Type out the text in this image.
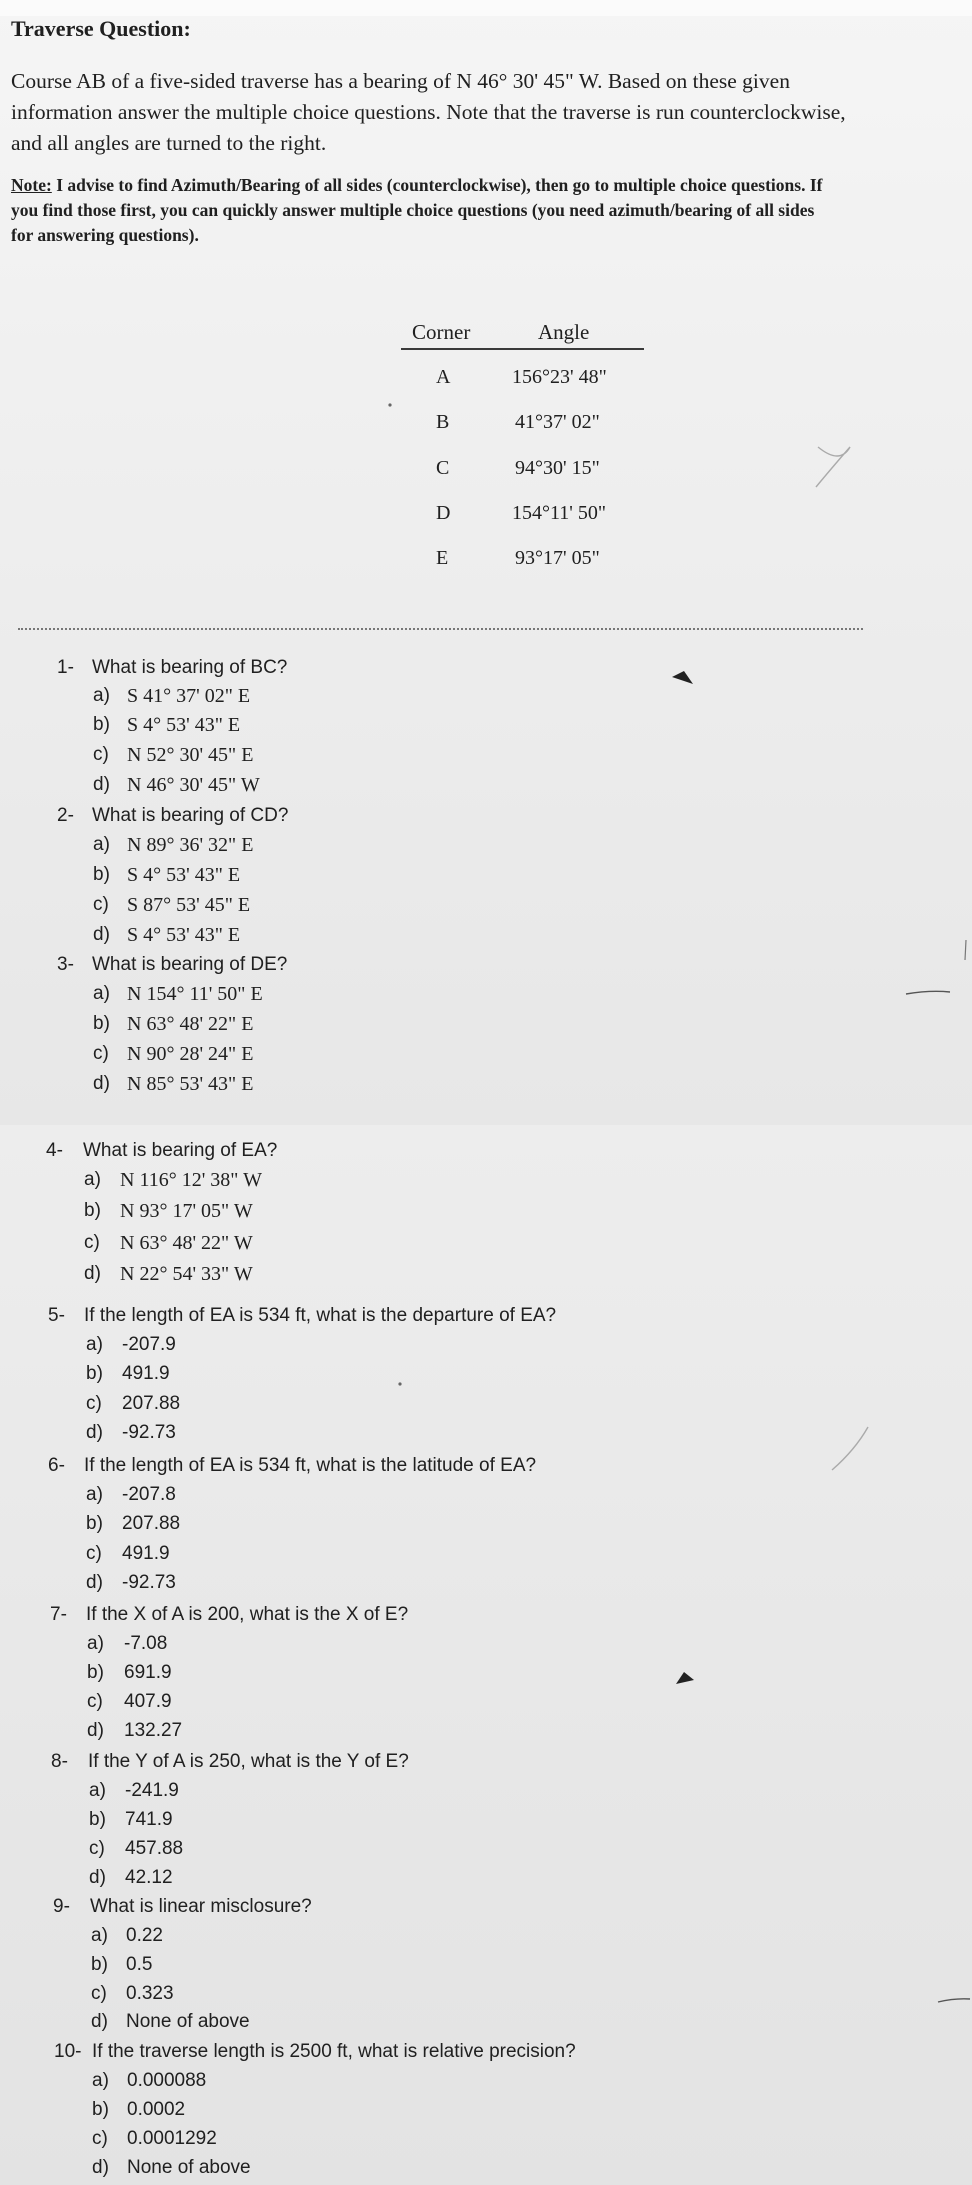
Traverse Question:
Course AB of a five-sided traverse has a bearing of N 46° 30' 45" W. Based on these given
information answer the multiple choice questions. Note that the traverse is run counterclockwise,
and all angles are turned to the right.
Note: I advise to find Azimuth/Bearing of all sides (counterclockwise), then go to multiple choice questions. If
you find those first, you can quickly answer multiple choice questions (you need azimuth/bearing of all sides
for answering questions).
Corner	Angle
A	156°23' 48"
B	41°37' 02"
C	94°30' 15"
D	154°11' 50"
E	93°17' 05"
1- What is bearing of BC?
a) S 41° 37' 02" E
b) S 4° 53' 43" E
c) N 52° 30' 45" E
d) N 46° 30' 45" W
2- What is bearing of CD?
a) N 89° 36' 32" E
b) S 4° 53' 43" E
c) S 87° 53' 45" E
d) S 4° 53' 43" E
3- What is bearing of DE?
a) N 154° 11' 50" E
b) N 63° 48' 22" E
c) N 90° 28' 24" E
d) N 85° 53' 43" E
4- What is bearing of EA?
a) N 116° 12' 38" W
b) N 93° 17' 05" W
c) N 63° 48' 22" W
d) N 22° 54' 33" W
5- If the length of EA is 534 ft, what is the departure of EA?
a) -207.9
b) 491.9
c) 207.88
d) -92.73
6- If the length of EA is 534 ft, what is the latitude of EA?
a) -207.8
b) 207.88
c) 491.9
d) -92.73
7- If the X of A is 200, what is the X of E?
a) -7.08
b) 691.9
c) 407.9
d) 132.27
8- If the Y of A is 250, what is the Y of E?
a) -241.9
b) 741.9
c) 457.88
d) 42.12
9- What is linear misclosure?
a) 0.22
b) 0.5
c) 0.323
d) None of above
10- If the traverse length is 2500 ft, what is relative precision?
a) 0.000088
b) 0.0002
c) 0.0001292
d) None of above
